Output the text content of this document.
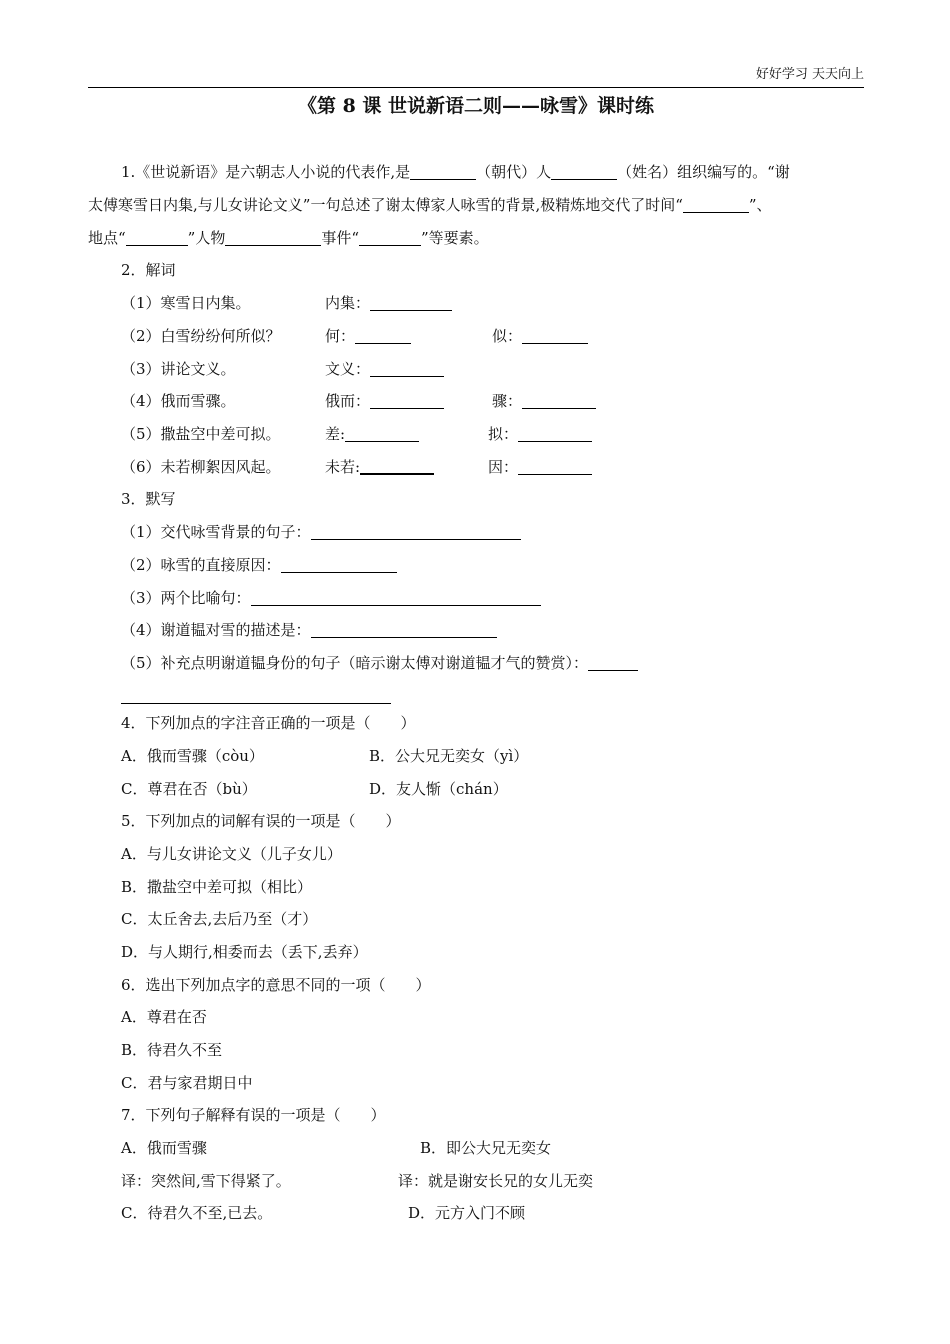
好好学习 天天向上
《第 8 课 世说新语二则——咏雪》课时练
1.《世说新语》是六朝志人小说的代表作,是	（朝代）人	（姓名）组织编写的。“谢
太傅寒雪日内集,与儿女讲论文义”一句总述了谢太傅家人咏雪的背景,极精炼地交代了时间“	”、
地点“	”人物	事件“	”等要素。
2．解词
（1）寒雪日内集。	内集：
（2）白雪纷纷何所似？	何：	似：
（3）讲论文义。	文义：
（4）俄而雪骤。	俄而：	骤：
（5）撒盐空中差可拟。	差:	拟：
（6）未若柳絮因风起。	未若:	因：
3．默写
（1）交代咏雪背景的句子：
（2）咏雪的直接原因：
（3）两个比喻句：
（4）谢道韫对雪的描述是：
（5）补充点明谢道韫身份的句子（暗示谢太傅对谢道韫才气的赞赏）：
4．下列加点的字注音正确的一项是（　　）
A．俄而雪骤（còu）	B．公大兄无奕女（yì）
C．尊君在否（bù）	D．友人惭（chán）
5．下列加点的词解有误的一项是（　　）
A．与儿女讲论文义（儿子女儿）
B．撒盐空中差可拟（相比）
C．太丘舍去,去后乃至（才）
D．与人期行,相委而去（丢下,丢弃）
6．选出下列加点字的意思不同的一项（　　）
A．尊君在否
B．待君久不至
C．君与家君期日中
7．下列句子解释有误的一项是（　　）
A．俄而雪骤	B．即公大兄无奕女
译：突然间,雪下得紧了。	译：就是谢安长兄的女儿无奕
C．待君久不至,已去。	D．元方入门不顾
